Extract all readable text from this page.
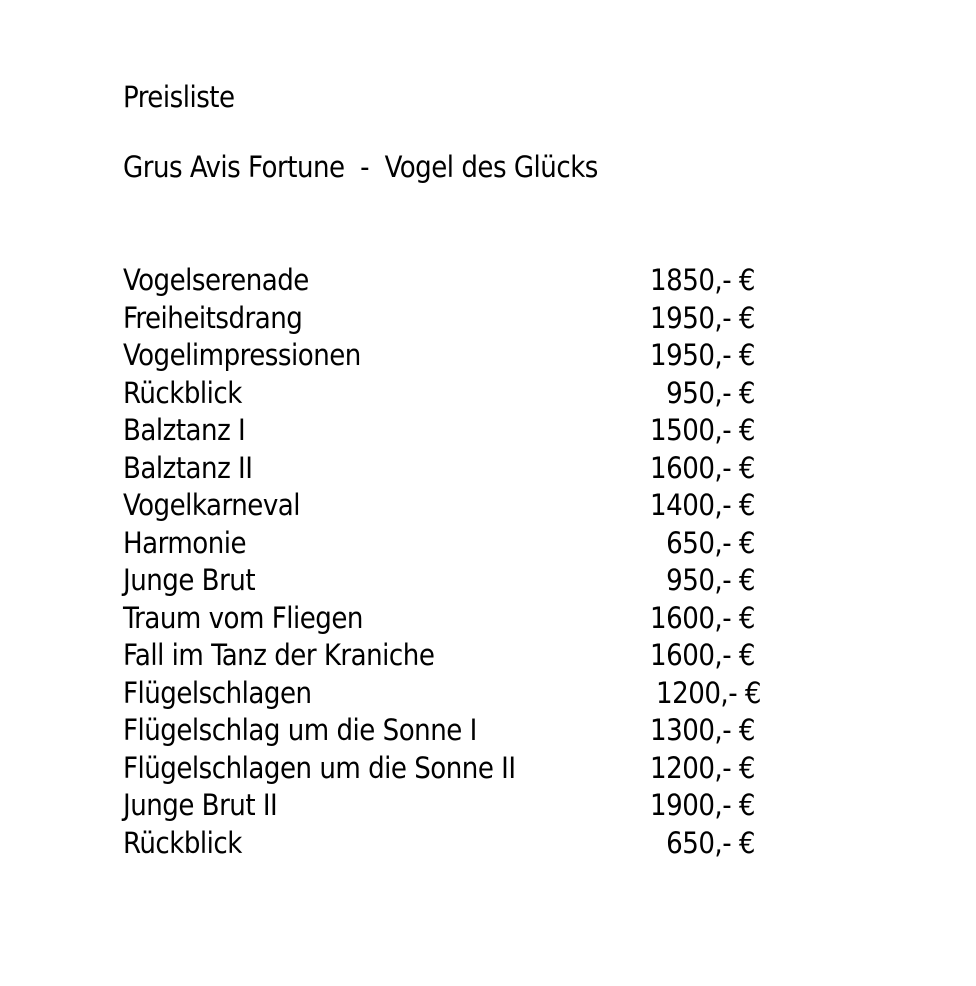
Preisliste
Grus Avis Fortune  -  Vogel des Glücks
Vogelserenade	1850,- €
Freiheitsdrang	1950,- €
Vogelimpressionen	1950,- €
Rückblick	950,- €
Balztanz I	1500,- €
Balztanz II	1600,- €
Vogelkarneval	1400,- €
Harmonie	650,- €
Junge Brut	950,- €
Traum vom Fliegen	1600,- €
Fall im Tanz der Kraniche	1600,- €
Flügelschlagen	1200,- €
Flügelschlag um die Sonne I	1300,- €
Flügelschlagen um die Sonne II	1200,- €
Junge Brut II	1900,- €
Rückblick	650,- €
